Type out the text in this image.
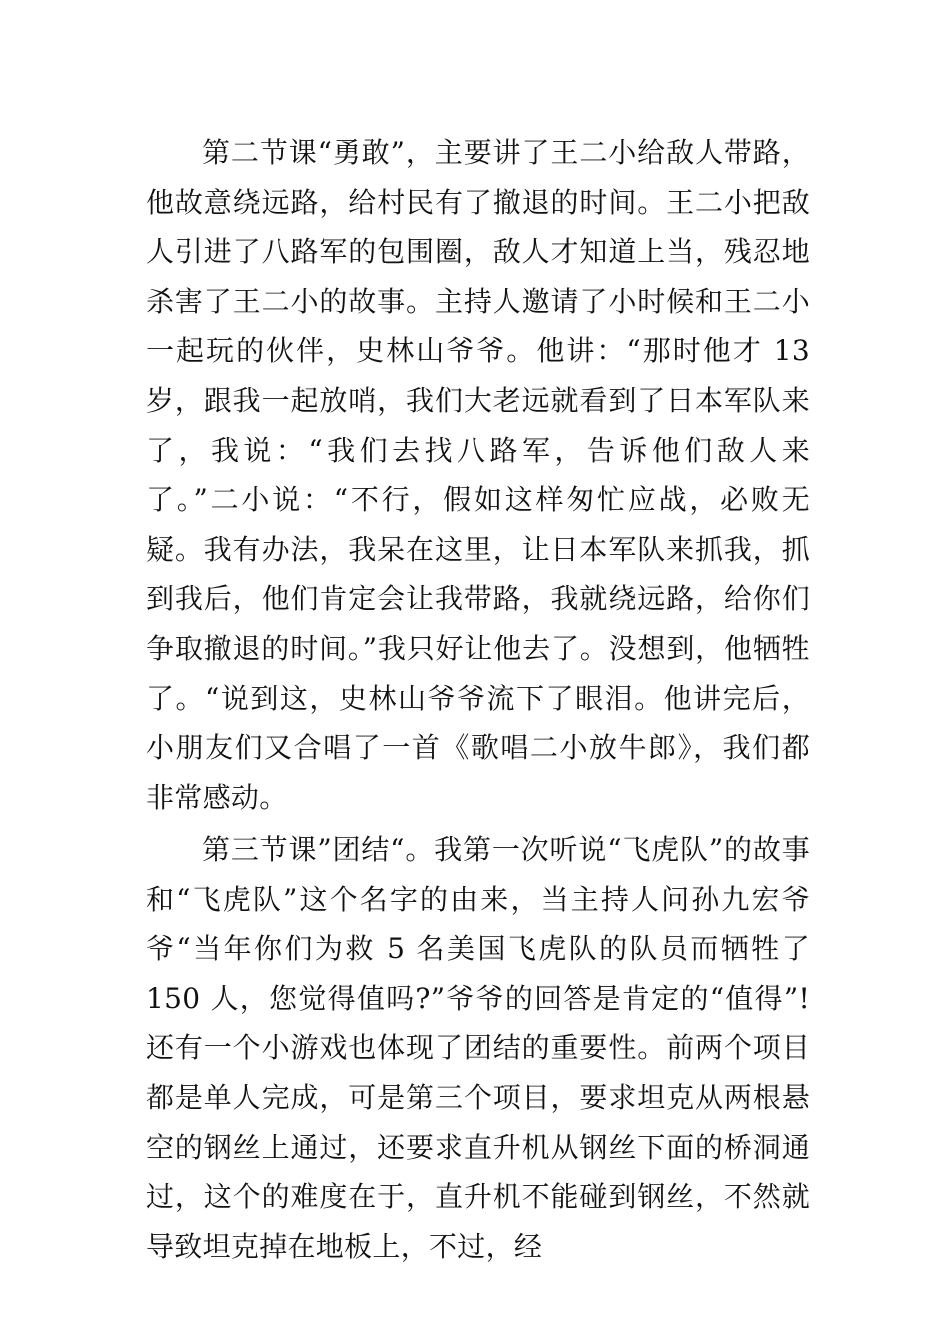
第二节课“勇敢”，主要讲了王二小给敌人带路，他故意绕远路，给村民有了撤退的时间。王二小把敌人引进了八路军的包围圈，敌人才知道上当，残忍地杀害了王二小的故事。主持人邀请了小时候和王二小一起玩的伙伴，史林山爷爷。他讲：“那时他才 13 岁，跟我一起放哨，我们大老远就看到了日本军队来了，我说：“我们去找八路军，告诉他们敌人来了。”二小说：“不行，假如这样匆忙应战，必败无疑。我有办法，我呆在这里，让日本军队来抓我，抓到我后，他们肯定会让我带路，我就绕远路，给你们争取撤退的时间。”我只好让他去了。没想到，他牺牲了。“说到这，史林山爷爷流下了眼泪。他讲完后，小朋友们又合唱了一首《歌唱二小放牛郎》，我们都非常感动。

第三节课”团结“。我第一次听说“飞虎队”的故事和“飞虎队”这个名字的由来，当主持人问孙九宏爷爷“当年你们为救 5 名美国飞虎队的队员而牺牲了 150 人，您觉得值吗?”爷爷的回答是肯定的“值得”!还有一个小游戏也体现了团结的重要性。前两个项目都是单人完成，可是第三个项目，要求坦克从两根悬空的钢丝上通过，还要求直升机从钢丝下面的桥洞通过，这个的难度在于，直升机不能碰到钢丝，不然就导致坦克掉在地板上，不过，经
